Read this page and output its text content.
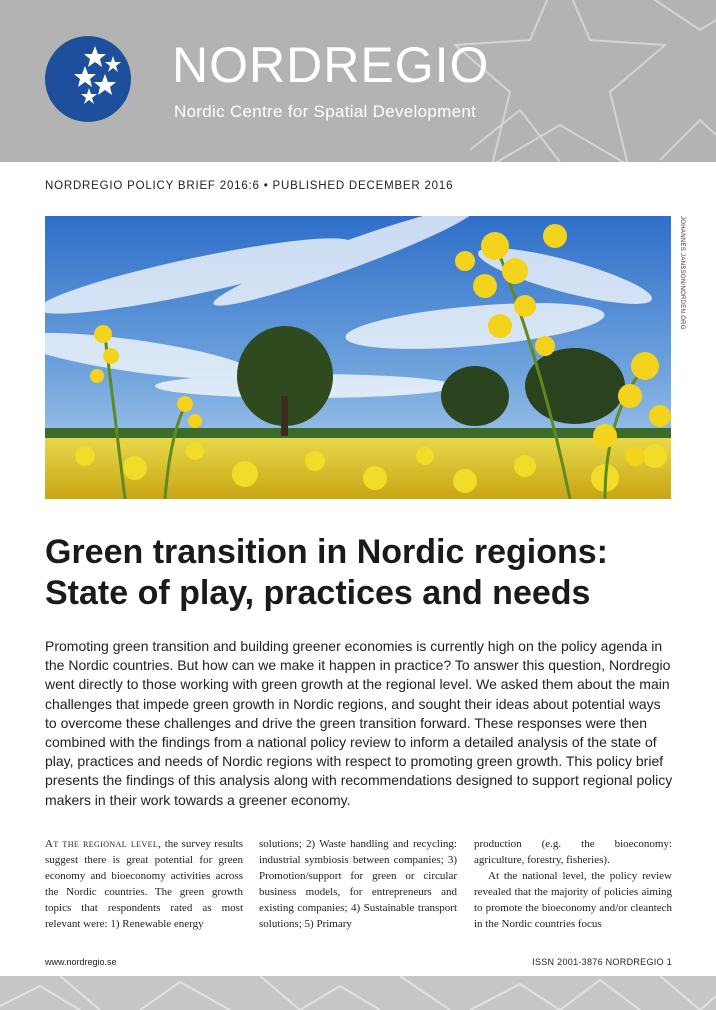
NORDREGIO
Nordic Centre for Spatial Development
NORDREGIO POLICY BRIEF 2016:6 • PUBLISHED DECEMBER 2016
JOHANNES JANSSON/NORDEN.ORG
Green transition in Nordic regions:
State of play, practices and needs

Promoting green transition and building greener economies is currently high on the policy agenda in the Nordic countries. But how can we make it happen in practice? To answer this question, Nordregio went directly to those working with green growth at the regional level. We asked them about the main challenges that impede green growth in Nordic regions, and sought their ideas about potential ways to overcome these challenges and drive the green transition forward. These responses were then combined with the findings from a national policy review to inform a detailed analysis of the state of play, practices and needs of Nordic regions with respect to promoting green growth. This policy brief presents the findings of this analysis along with recommendations designed to support regional policy makers in their work towards a greener economy.

At the regional level, the survey results suggest there is great potential for green economy and bioeconomy activities across the Nordic countries. The green growth topics that respondents rated as most relevant were: 1) Renewable energy

solutions; 2) Waste handling and recycling: industrial symbiosis between companies; 3) Promotion/support for green or circular business models, for entrepreneurs and existing companies; 4) Sustainable transport solutions; 5) Primary

production (e.g. the bioeconomy: agriculture, forestry, fisheries).

At the national level, the policy review revealed that the majority of policies aiming to promote the bioeconomy and/or cleantech in the Nordic countries focus

www.nordregio.se	ISSN 2001-3876 NORDREGIO 1
